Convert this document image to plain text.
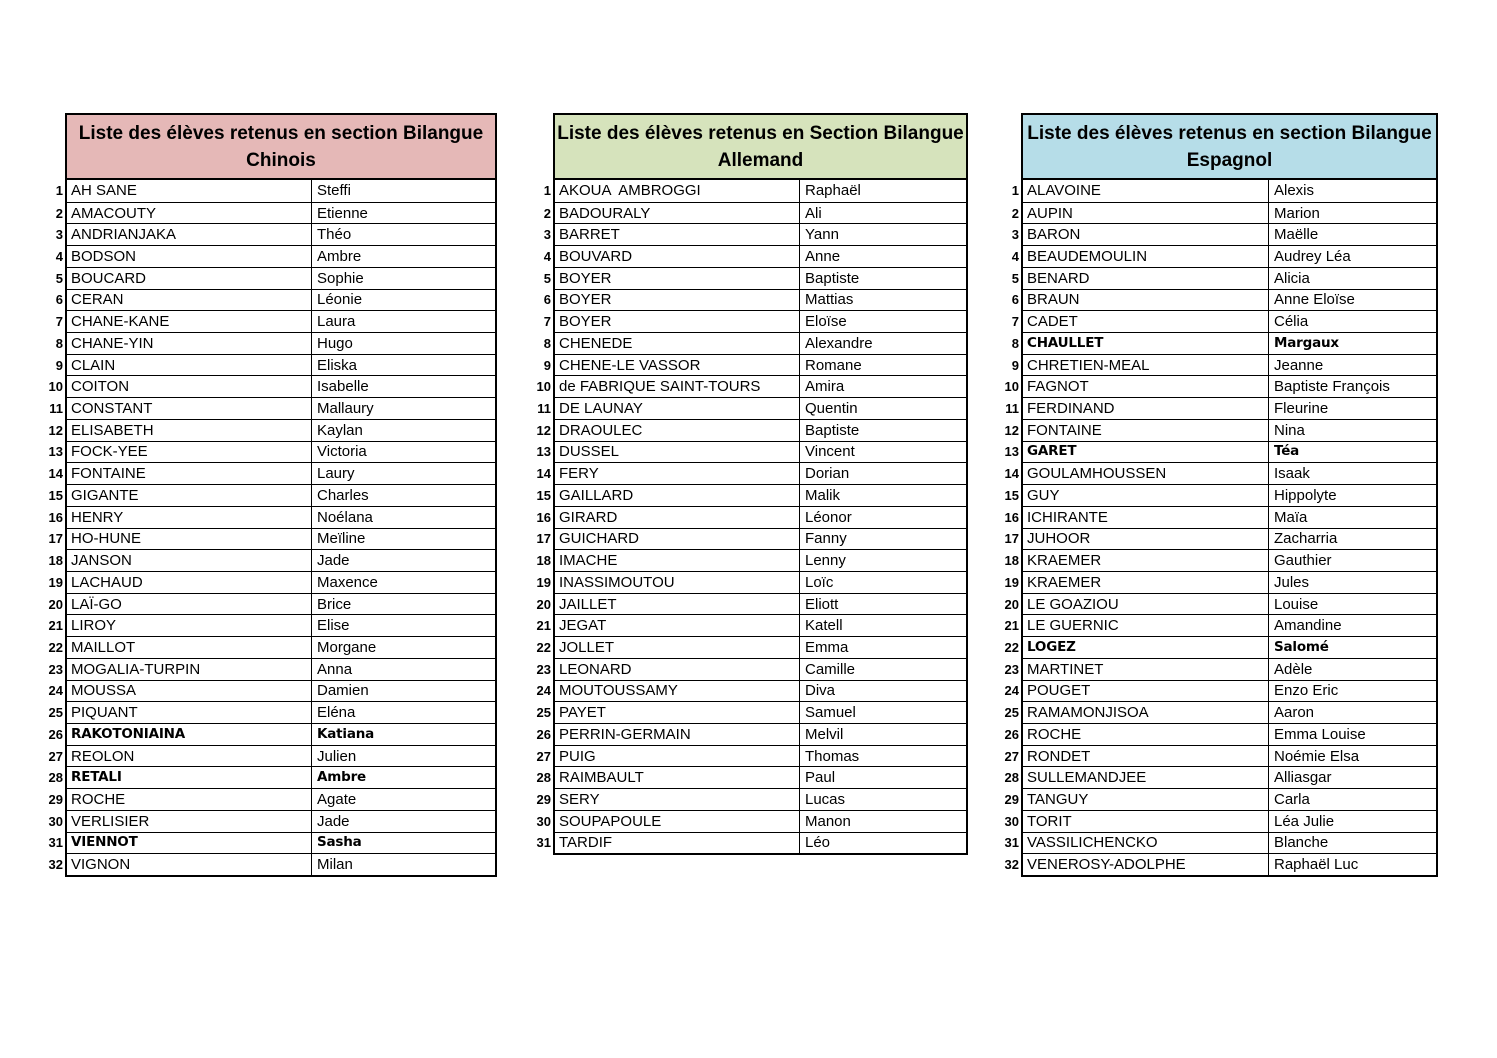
Liste des élèves retenus en section Bilangue
Chinois
1 AH SANE	Steffi
2 AMACOUTY	Etienne
3 ANDRIANJAKA	Théo
4 BODSON	Ambre
5 BOUCARD	Sophie
6 CERAN	Léonie
7 CHANE-KANE	Laura
8 CHANE-YIN	Hugo
9 CLAIN	Eliska
10 COITON	Isabelle
11 CONSTANT	Mallaury
12 ELISABETH	Kaylan
13 FOCK-YEE	Victoria
14 FONTAINE	Laury
15 GIGANTE	Charles
16 HENRY	Noélana
17 HO-HUNE	Meïline
18 JANSON	Jade
19 LACHAUD	Maxence
20 LAÏ-GO	Brice
21 LIROY	Elise
22 MAILLOT	Morgane
23 MOGALIA-TURPIN	Anna
24 MOUSSA	Damien
25 PIQUANT	Eléna
26 RAKOTONIAINA	Katiana
27 REOLON	Julien
28 RETALI	Ambre
29 ROCHE	Agate
30 VERLISIER	Jade
31 VIENNOT	Sasha
32 VIGNON	Milan
Liste des élèves retenus en Section Bilangue
Allemand
1 AKOUA  AMBROGGI	Raphaël
2 BADOURALY	Ali
3 BARRET	Yann
4 BOUVARD	Anne
5 BOYER	Baptiste
6 BOYER	Mattias
7 BOYER	Eloïse
8 CHENEDE	Alexandre
9 CHENE-LE VASSOR	Romane
10 de FABRIQUE SAINT-TOURS	Amira
11 DE LAUNAY	Quentin
12 DRAOULEC	Baptiste
13 DUSSEL	Vincent
14 FERY	Dorian
15 GAILLARD	Malik
16 GIRARD	Léonor
17 GUICHARD	Fanny
18 IMACHE	Lenny
19 INASSIMOUTOU	Loïc
20 JAILLET	Eliott
21 JEGAT	Katell
22 JOLLET	Emma
23 LEONARD	Camille
24 MOUTOUSSAMY	Diva
25 PAYET	Samuel
26 PERRIN-GERMAIN	Melvil
27 PUIG	Thomas
28 RAIMBAULT	Paul
29 SERY	Lucas
30 SOUPAPOULE	Manon
31 TARDIF	Léo
Liste des élèves retenus en section Bilangue
Espagnol
1 ALAVOINE	Alexis
2 AUPIN	Marion
3 BARON	Maëlle
4 BEAUDEMOULIN	Audrey Léa
5 BENARD	Alicia
6 BRAUN	Anne Eloïse
7 CADET	Célia
8 CHAULLET	Margaux
9 CHRETIEN-MEAL	Jeanne
10 FAGNOT	Baptiste François
11 FERDINAND	Fleurine
12 FONTAINE	Nina
13 GARET	Téa
14 GOULAMHOUSSEN	Isaak
15 GUY	Hippolyte
16 ICHIRANTE	Maïa
17 JUHOOR	Zacharria
18 KRAEMER	Gauthier
19 KRAEMER	Jules
20 LE GOAZIOU	Louise
21 LE GUERNIC	Amandine
22 LOGEZ	Salomé
23 MARTINET	Adèle
24 POUGET	Enzo Eric
25 RAMAMONJISOA	Aaron
26 ROCHE	Emma Louise
27 RONDET	Noémie Elsa
28 SULLEMANDJEE	Alliasgar
29 TANGUY	Carla
30 TORIT	Léa Julie
31 VASSILICHENCKO	Blanche
32 VENEROSY-ADOLPHE	Raphaël Luc
